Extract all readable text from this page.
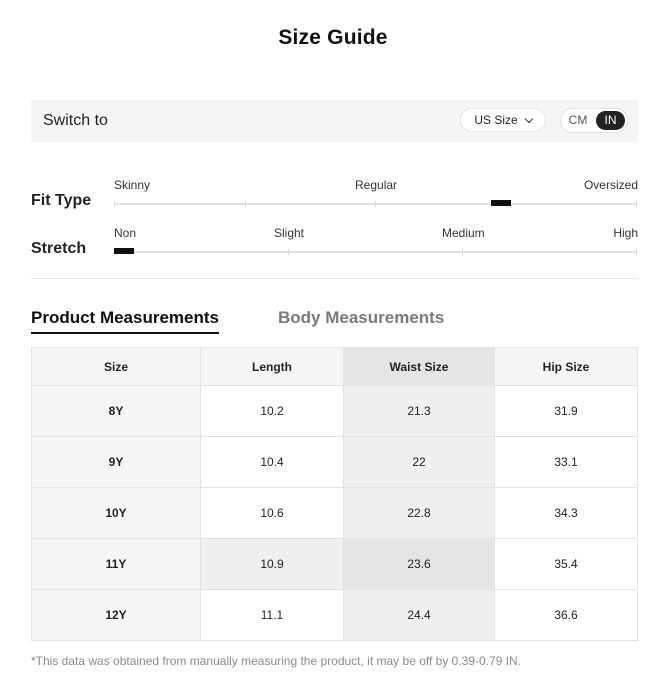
Size Guide
Switch to	US Size	CM	IN
Fit Type
Skinny	Regular	Oversized
Stretch
Non	Slight	Medium	High
Product Measurements	Body Measurements
Size	Length	Waist Size	Hip Size
8Y	10.2	21.3	31.9
9Y	10.4	22	33.1
10Y	10.6	22.8	34.3
11Y	10.9	23.6	35.4
12Y	11.1	24.4	36.6
*This data was obtained from manually measuring the product, it may be off by 0.39-0.79 IN.
